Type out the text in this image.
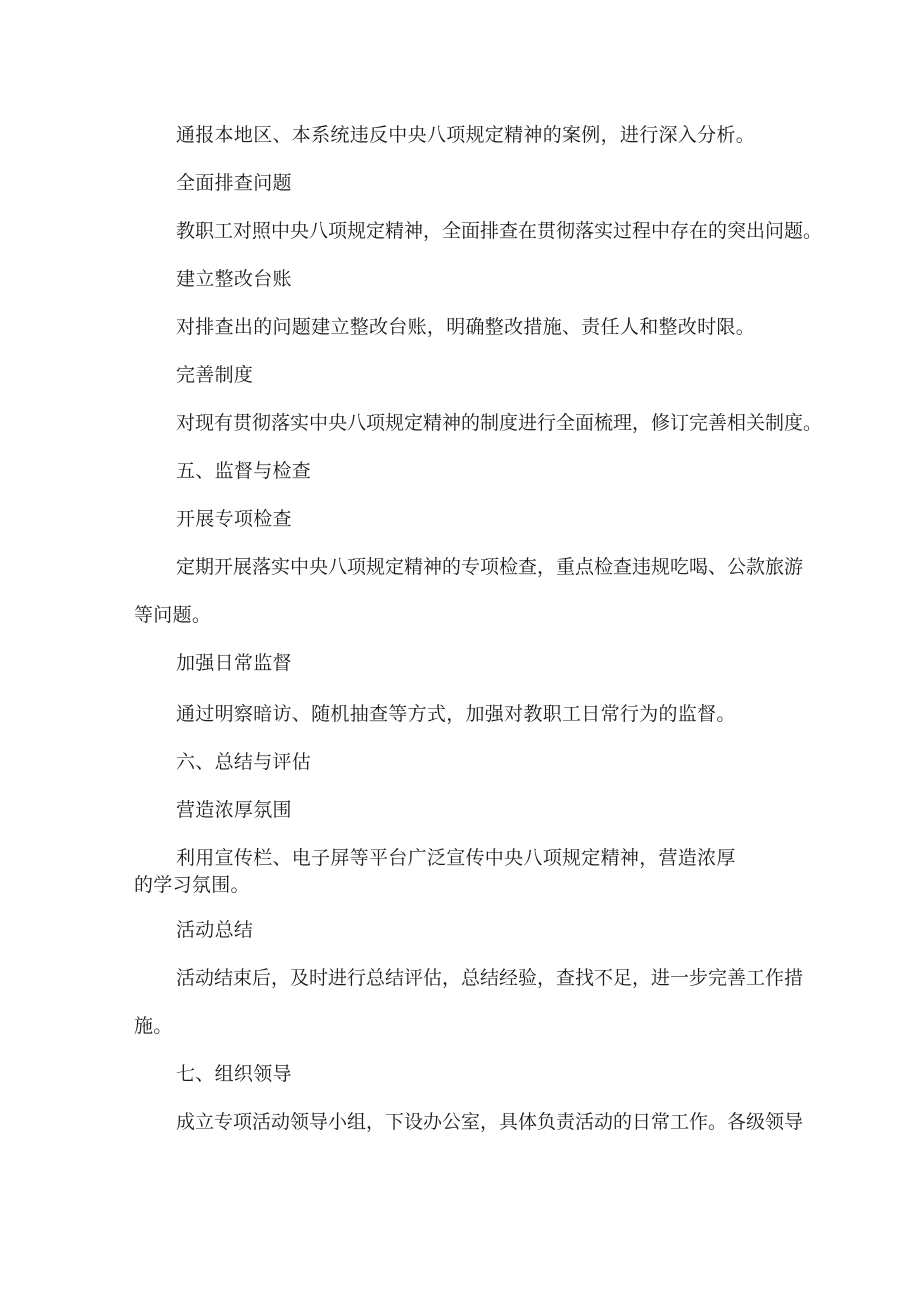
通报本地区、本系统违反中央八项规定精神的案例，进行深入分析。

全面排查问题

教职工对照中央八项规定精神，全面排查在贯彻落实过程中存在的突出问题。

建立整改台账

对排查出的问题建立整改台账，明确整改措施、责任人和整改时限。

完善制度

对现有贯彻落实中央八项规定精神的制度进行全面梳理，修订完善相关制度。

五、监督与检查

开展专项检查

定期开展落实中央八项规定精神的专项检查，重点检查违规吃喝、公款旅游

等问题。

加强日常监督

通过明察暗访、随机抽查等方式，加强对教职工日常行为的监督。

六、总结与评估

营造浓厚氛围

利用宣传栏、电子屏等平台广泛宣传中央八项规定精神，营造浓厚

的学习氛围。

活动总结

活动结束后，及时进行总结评估，总结经验，查找不足，进一步完善工作措

施。

七、组织领导

成立专项活动领导小组，下设办公室，具体负责活动的日常工作。各级领导
